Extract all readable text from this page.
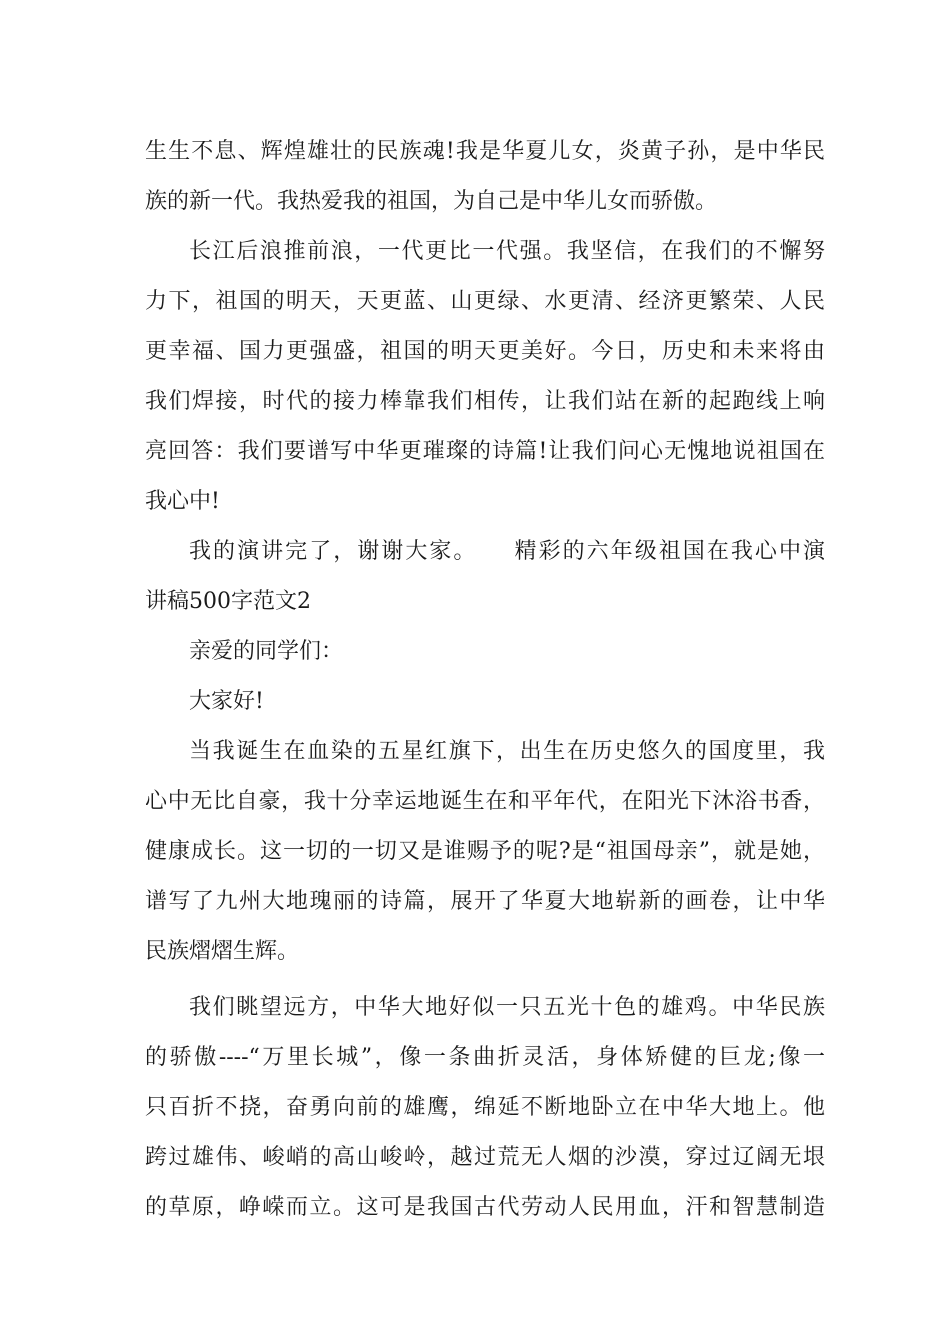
生生不息、辉煌雄壮的民族魂!我是华夏儿女，炎黄子孙，是中华民
族的新一代。我热爱我的祖国，为自己是中华儿女而骄傲。
长江后浪推前浪，一代更比一代强。我坚信，在我们的不懈努
力下，祖国的明天，天更蓝、山更绿、水更清、经济更繁荣、人民
更幸福、国力更强盛，祖国的明天更美好。今日，历史和未来将由
我们焊接，时代的接力棒靠我们相传，让我们站在新的起跑线上响
亮回答：我们要谱写中华更璀璨的诗篇!让我们问心无愧地说祖国在
我心中!
我的演讲完了，谢谢大家。　　精彩的六年级祖国在我心中演
讲稿500字范文2
亲爱的同学们：
大家好!
当我诞生在血染的五星红旗下，出生在历史悠久的国度里，我
心中无比自豪，我十分幸运地诞生在和平年代，在阳光下沐浴书香，
健康成长。这一切的一切又是谁赐予的呢?是“祖国母亲”，就是她，
谱写了九州大地瑰丽的诗篇，展开了华夏大地崭新的画卷，让中华
民族熠熠生辉。
我们眺望远方，中华大地好似一只五光十色的雄鸡。中华民族
的骄傲----“万里长城”，像一条曲折灵活，身体矫健的巨龙;像一
只百折不挠，奋勇向前的雄鹰，绵延不断地卧立在中华大地上。他
跨过雄伟、峻峭的高山峻岭，越过荒无人烟的沙漠，穿过辽阔无垠
的草原，峥嵘而立。这可是我国古代劳动人民用血，汗和智慧制造
